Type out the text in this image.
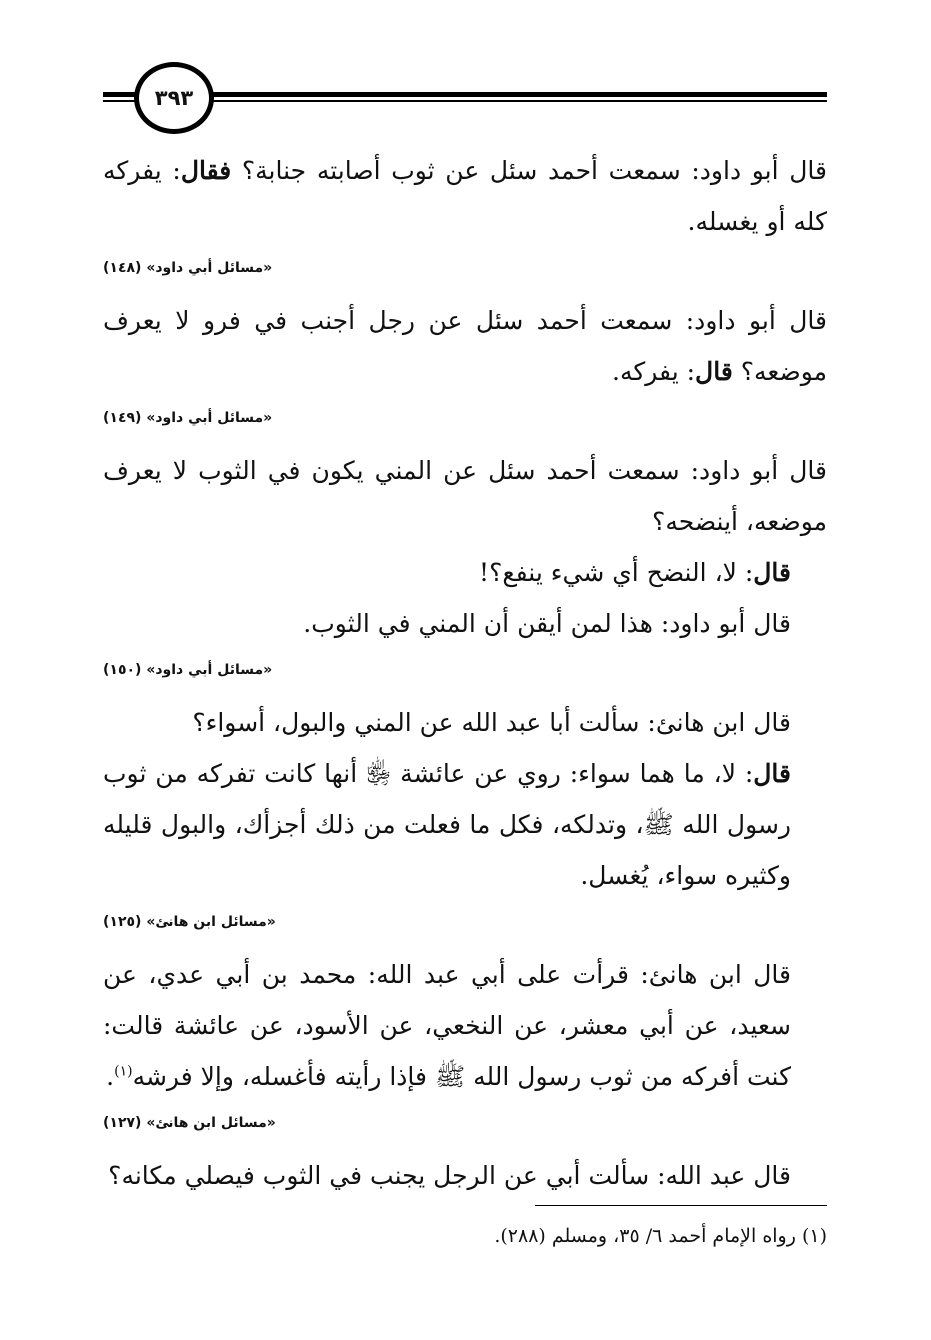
٣٩٣

قال أبو داود: سمعت أحمد سئل عن ثوب أصابته جنابة؟ فقال: يفركه كله أو يغسله.

«مسائل أبي داود» (١٤٨)

قال أبو داود: سمعت أحمد سئل عن رجل أجنب في فرو لا يعرف موضعه؟ قال: يفركه.

«مسائل أبي داود» (١٤٩)

قال أبو داود: سمعت أحمد سئل عن المني يكون في الثوب لا يعرف موضعه، أينضحه؟

قال: لا، النضح أي شيء ينفع؟!

قال أبو داود: هذا لمن أيقن أن المني في الثوب.

«مسائل أبي داود» (١٥٠)

قال ابن هانئ: سألت أبا عبد الله عن المني والبول، أسواء؟

قال: لا، ما هما سواء: روي عن عائشة ﵂ أنها كانت تفركه من ثوب رسول الله ﷺ، وتدلكه، فكل ما فعلت من ذلك أجزأك، والبول قليله وكثيره سواء، يُغسل.

«مسائل ابن هانئ» (١٢٥)

قال ابن هانئ: قرأت على أبي عبد الله: محمد بن أبي عدي، عن سعيد، عن أبي معشر، عن النخعي، عن الأسود، عن عائشة قالت: كنت أفركه من ثوب رسول الله ﷺ فإذا رأيته فأغسله، وإلا فرشه$^{(١)}$.

«مسائل ابن هانئ» (١٢٧)

قال عبد الله: سألت أبي عن الرجل يجنب في الثوب فيصلي مكانه؟

(١) رواه الإمام أحمد ٦/ ٣٥، ومسلم (٢٨٨).
